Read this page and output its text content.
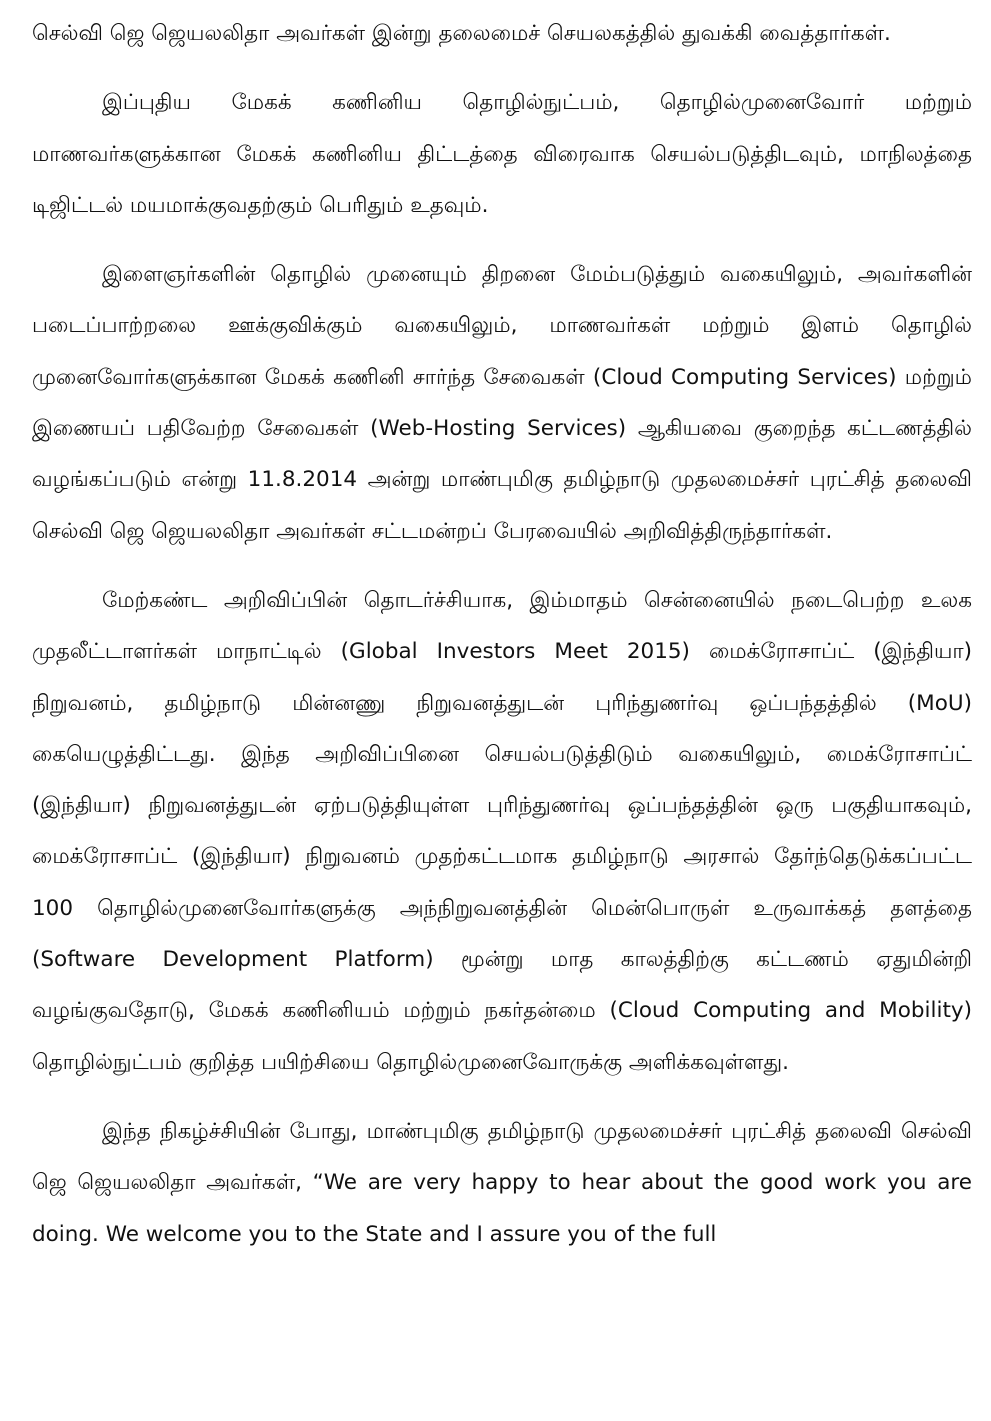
செல்வி ஜெ ஜெயலலிதா அவர்கள் இன்று தலைமைச் செயலகத்தில் துவக்கி வைத்தார்கள்.

இப்புதிய மேகக் கணினிய தொழில்நுட்பம், தொழில்முனைவோர் மற்றும் மாணவர்களுக்கான மேகக் கணினிய திட்டத்தை விரைவாக செயல்படுத்திடவும், மாநிலத்தை டிஜிட்டல் மயமாக்குவதற்கும் பெரிதும் உதவும்.

இளைஞர்களின் தொழில் முனையும் திறனை மேம்படுத்தும் வகையிலும், அவர்களின் படைப்பாற்றலை ஊக்குவிக்கும் வகையிலும், மாணவர்கள் மற்றும் இளம் தொழில் முனைவோர்களுக்கான மேகக் கணினி சார்ந்த சேவைகள் (Cloud Computing Services) மற்றும் இணையப் பதிவேற்ற சேவைகள் (Web-Hosting Services) ஆகியவை குறைந்த கட்டணத்தில் வழங்கப்படும் என்று 11.8.2014 அன்று மாண்புமிகு தமிழ்நாடு முதலமைச்சர் புரட்சித் தலைவி செல்வி ஜெ ஜெயலலிதா அவர்கள் சட்டமன்றப் பேரவையில் அறிவித்திருந்தார்கள்.

மேற்கண்ட அறிவிப்பின் தொடர்ச்சியாக, இம்மாதம் சென்னையில் நடைபெற்ற உலக முதலீட்டாளர்கள் மாநாட்டில் (Global Investors Meet 2015) மைக்ரோசாப்ட் (இந்தியா) நிறுவனம், தமிழ்நாடு மின்னணு நிறுவனத்துடன் புரிந்துணர்வு ஒப்பந்தத்தில் (MoU) கையெழுத்திட்டது. இந்த அறிவிப்பினை செயல்படுத்திடும் வகையிலும், மைக்ரோசாப்ட் (இந்தியா) நிறுவனத்துடன் ஏற்படுத்தியுள்ள புரிந்துணர்வு ஒப்பந்தத்தின் ஒரு பகுதியாகவும், மைக்ரோசாப்ட் (இந்தியா) நிறுவனம் முதற்கட்டமாக தமிழ்நாடு அரசால் தேர்ந்தெடுக்கப்பட்ட 100 தொழில்முனைவோர்களுக்கு அந்நிறுவனத்தின் மென்பொருள் உருவாக்கத் தளத்தை (Software Development Platform) மூன்று மாத காலத்திற்கு கட்டணம் ஏதுமின்றி வழங்குவதோடு, மேகக் கணினியம் மற்றும் நகர்தன்மை (Cloud Computing and Mobility) தொழில்நுட்பம் குறித்த பயிற்சியை தொழில்முனைவோருக்கு அளிக்கவுள்ளது.

இந்த நிகழ்ச்சியின் போது, மாண்புமிகு தமிழ்நாடு முதலமைச்சர் புரட்சித் தலைவி செல்வி ஜெ ஜெயலலிதா அவர்கள், “We are very happy to hear about the good work you are doing. We welcome you to the State and I assure you of the full
